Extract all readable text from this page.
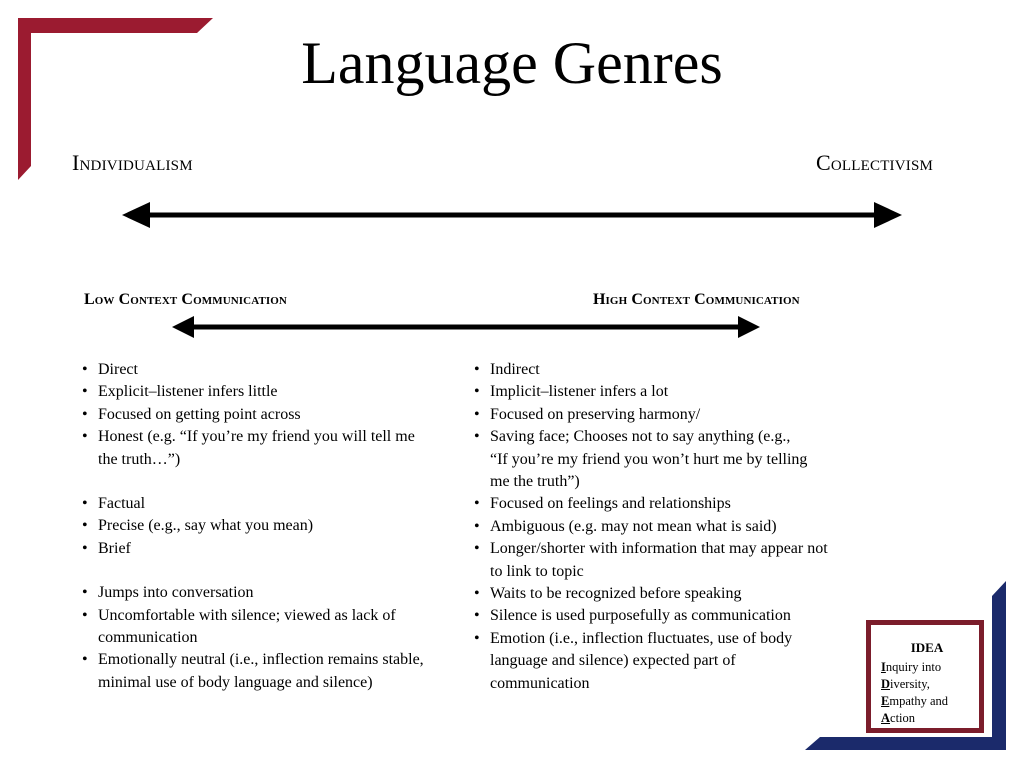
Language Genres
Individualism	Collectivism
Low Context Communication	High Context Communication
• Direct
• Explicit–listener infers little
• Focused on getting point across
• Honest (e.g. “If you’re my friend you will tell me the truth…”)
• Factual
• Precise (e.g., say what you mean)
• Brief
• Jumps into conversation
• Uncomfortable with silence; viewed as lack of communication
• Emotionally neutral (i.e., inflection remains stable, minimal use of body language and silence)
• Indirect
• Implicit–listener infers a lot
• Focused on preserving harmony/
• Saving face; Chooses not to say anything (e.g., “If you’re my friend you won’t hurt me by telling me the truth”)
• Focused on feelings and relationships
• Ambiguous (e.g. may not mean what is said)
• Longer/shorter with information that may appear not to link to topic
• Waits to be recognized before speaking
• Silence is used purposefully as communication
• Emotion (i.e., inflection fluctuates, use of body language and silence) expected part of communication
IDEA
Inquiry into
Diversity,
Empathy and
Action
